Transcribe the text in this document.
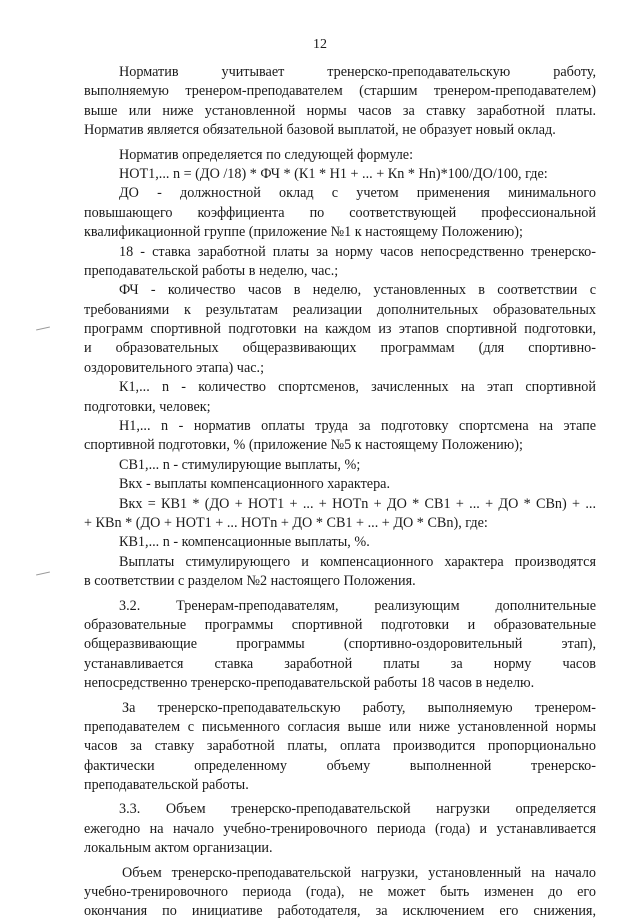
12
Норматив учитывает тренерско-преподавательскую работу,
выполняемую тренером-преподавателем (старшим тренером-преподавателем)
выше или ниже установленной нормы часов за ставку заработной платы.
Норматив является обязательной базовой выплатой, не образует новый оклад.
Норматив определяется по следующей формуле:
НОТ1,... n = (ДО /18) * ФЧ * (К1 * Н1 + ... + Кn * Нn)*100/ДО/100, где:
ДО - должностной оклад с учетом применения минимального
повышающего коэффициента по соответствующей профессиональной
квалификационной группе (приложение №1 к настоящему Положению);
18 - ставка заработной платы за норму часов непосредственно тренерско-
преподавательской работы в неделю, час.;
ФЧ - количество часов в неделю, установленных в соответствии с
требованиями к результатам реализации дополнительных образовательных
программ спортивной подготовки на каждом из этапов спортивной подготовки,
и образовательных общеразвивающих программам (для спортивно-
оздоровительного этапа) час.;
К1,... n - количество спортсменов, зачисленных на этап спортивной
подготовки, человек;
Н1,... n - норматив оплаты труда за подготовку спортсмена на этапе
спортивной подготовки, % (приложение №5 к настоящему Положению);
СВ1,... n - стимулирующие выплаты, %;
Вкх - выплаты компенсационного характера.
Вкх = КВ1 * (ДО + НОТ1 + ... + НОТn + ДО * СВ1 + ... + ДО * СВn) + ...
+ КВn * (ДО + НОТ1 + ... НОТn + ДО * СВ1 + ... + ДО * СВn), где:
КВ1,... n - компенсационные выплаты, %.
Выплаты стимулирующего и компенсационного характера производятся
в соответствии с разделом №2 настоящего Положения.
3.2. Тренерам-преподавателям, реализующим дополнительные
образовательные программы спортивной подготовки и образовательные
общеразвивающие программы (спортивно-оздоровительный этап),
устанавливается ставка заработной платы за норму часов
непосредственно тренерско-преподавательской работы 18 часов в неделю.
За тренерско-преподавательскую работу, выполняемую тренером-
преподавателем с письменного согласия выше или ниже установленной нормы
часов за ставку заработной платы, оплата производится пропорционально
фактически определенному объему выполненной тренерско-
преподавательской работы.
3.3. Объем тренерско-преподавательской нагрузки определяется
ежегодно на начало учебно-тренировочного периода (года) и устанавливается
локальным актом организации.
Объем тренерско-преподавательской нагрузки, установленный на начало
учебно-тренировочного периода (года), не может быть изменен до его
окончания по инициативе работодателя, за исключением его снижения,
